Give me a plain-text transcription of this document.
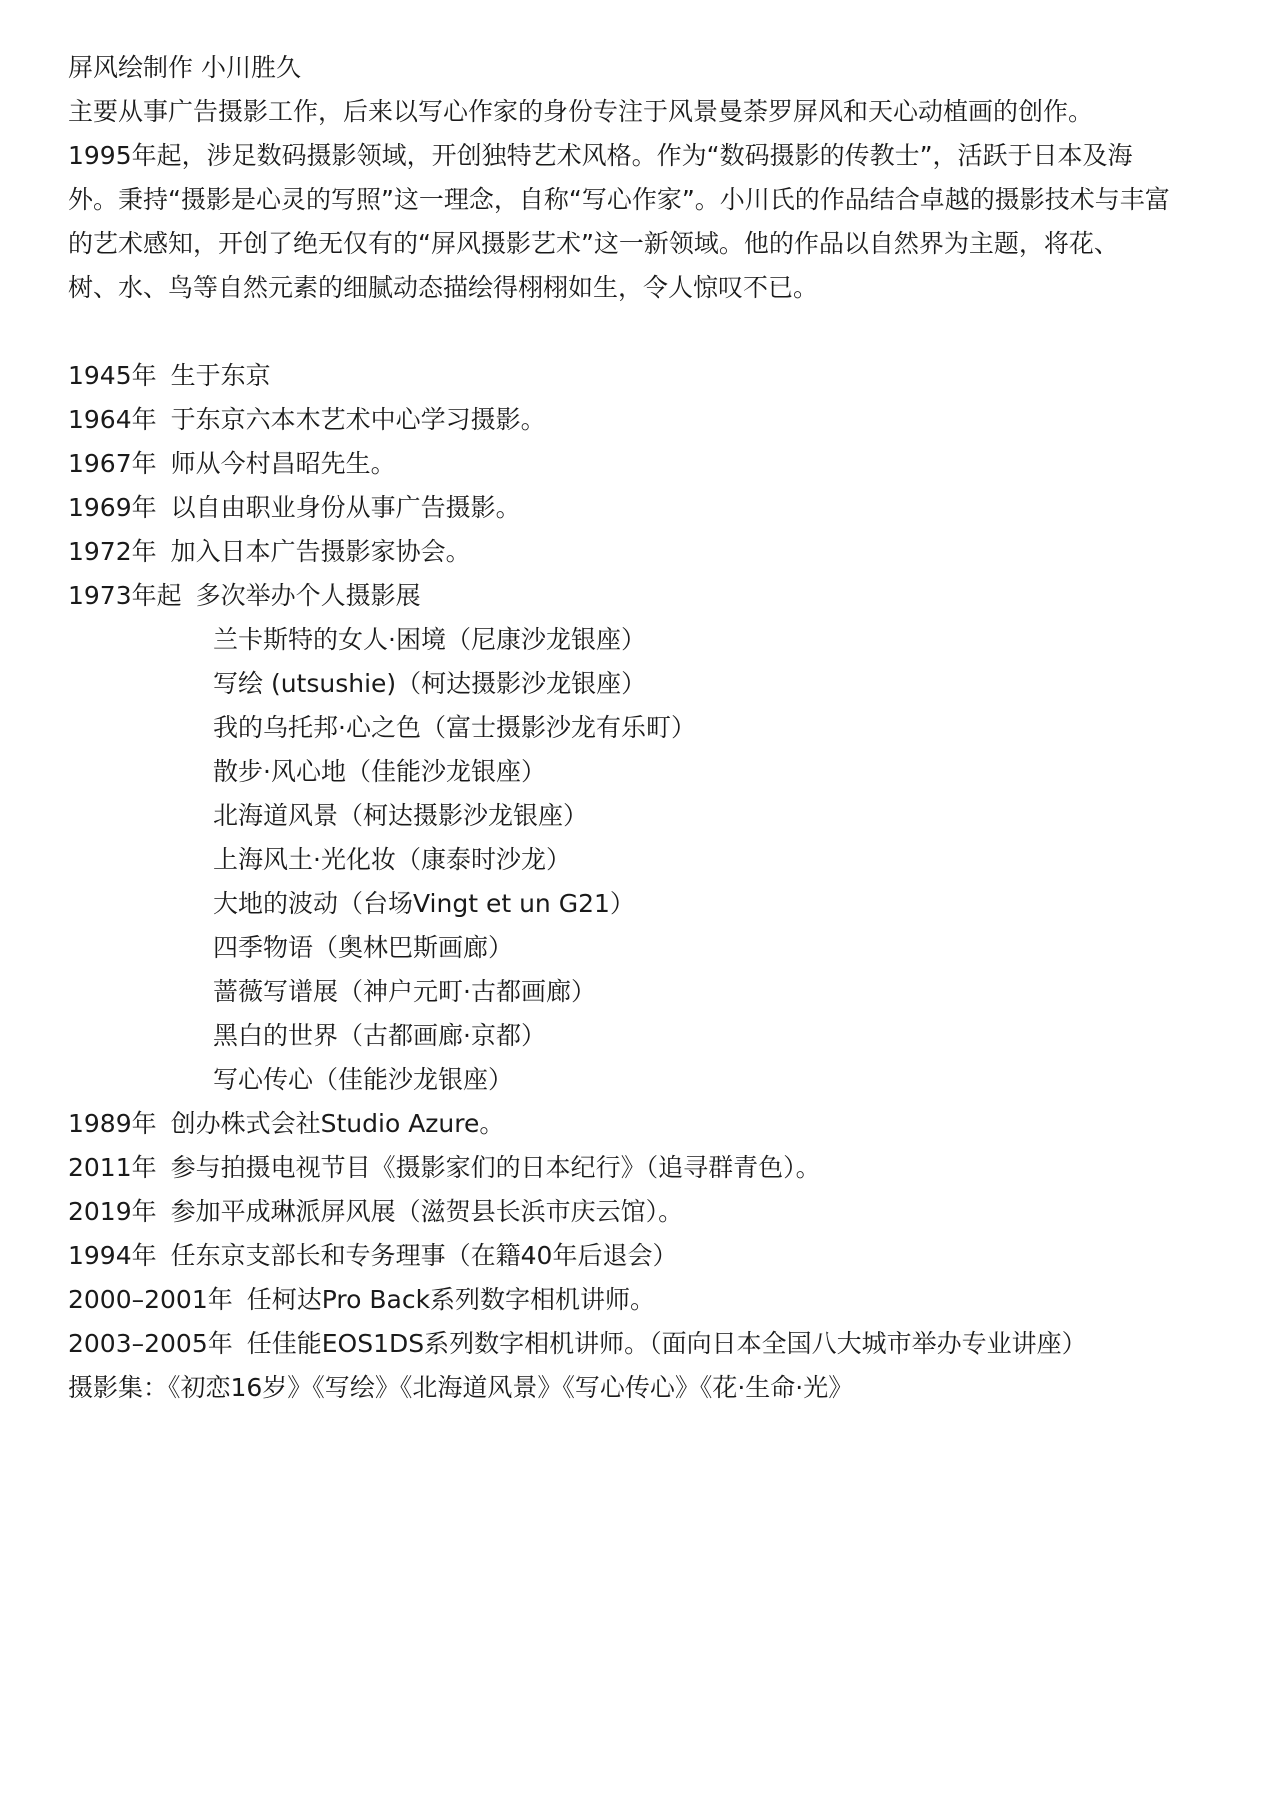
屏风绘制作 小川胜久
主要从事广告摄影工作，后来以写心作家的身份专注于风景曼荼罗屏风和天心动植画的创作。
1995年起，涉足数码摄影领域，开创独特艺术风格。作为“数码摄影的传教士”，活跃于日本及海
外。秉持“摄影是心灵的写照”这一理念，自称“写心作家”。小川氏的作品结合卓越的摄影技术与丰富
的艺术感知，开创了绝无仅有的“屏风摄影艺术”这一新领域。他的作品以自然界为主题，将花、
树、水、鸟等自然元素的细腻动态描绘得栩栩如生，令人惊叹不已。
1945年 生于东京
1964年 于东京六本木艺术中心学习摄影。
1967年 师从今村昌昭先生。
1969年 以自由职业身份从事广告摄影。
1972年 加入日本广告摄影家协会。
1973年起 多次举办个人摄影展
兰卡斯特的女人·困境（尼康沙龙银座）
写绘 (utsushie)（柯达摄影沙龙银座）
我的乌托邦·心之色（富士摄影沙龙有乐町）
散步·风心地（佳能沙龙银座）
北海道风景（柯达摄影沙龙银座）
上海风土·光化妆（康泰时沙龙）
大地的波动（台场Vingt et un G21）
四季物语（奥林巴斯画廊）
蔷薇写谱展（神户元町·古都画廊）
黑白的世界（古都画廊·京都）
写心传心（佳能沙龙银座）
1989年 创办株式会社Studio Azure。
2011年 参与拍摄电视节目《摄影家们的日本纪行》（追寻群青色）。
2019年 参加平成琳派屏风展（滋贺县长浜市庆云馆）。
1994年 任东京支部长和专务理事（在籍40年后退会）
2000–2001年 任柯达Pro Back系列数字相机讲师。
2003–2005年 任佳能EOS1DS系列数字相机讲师。（面向日本全国八大城市举办专业讲座）
摄影集：《初恋16岁》《写绘》《北海道风景》《写心传心》《花·生命·光》
